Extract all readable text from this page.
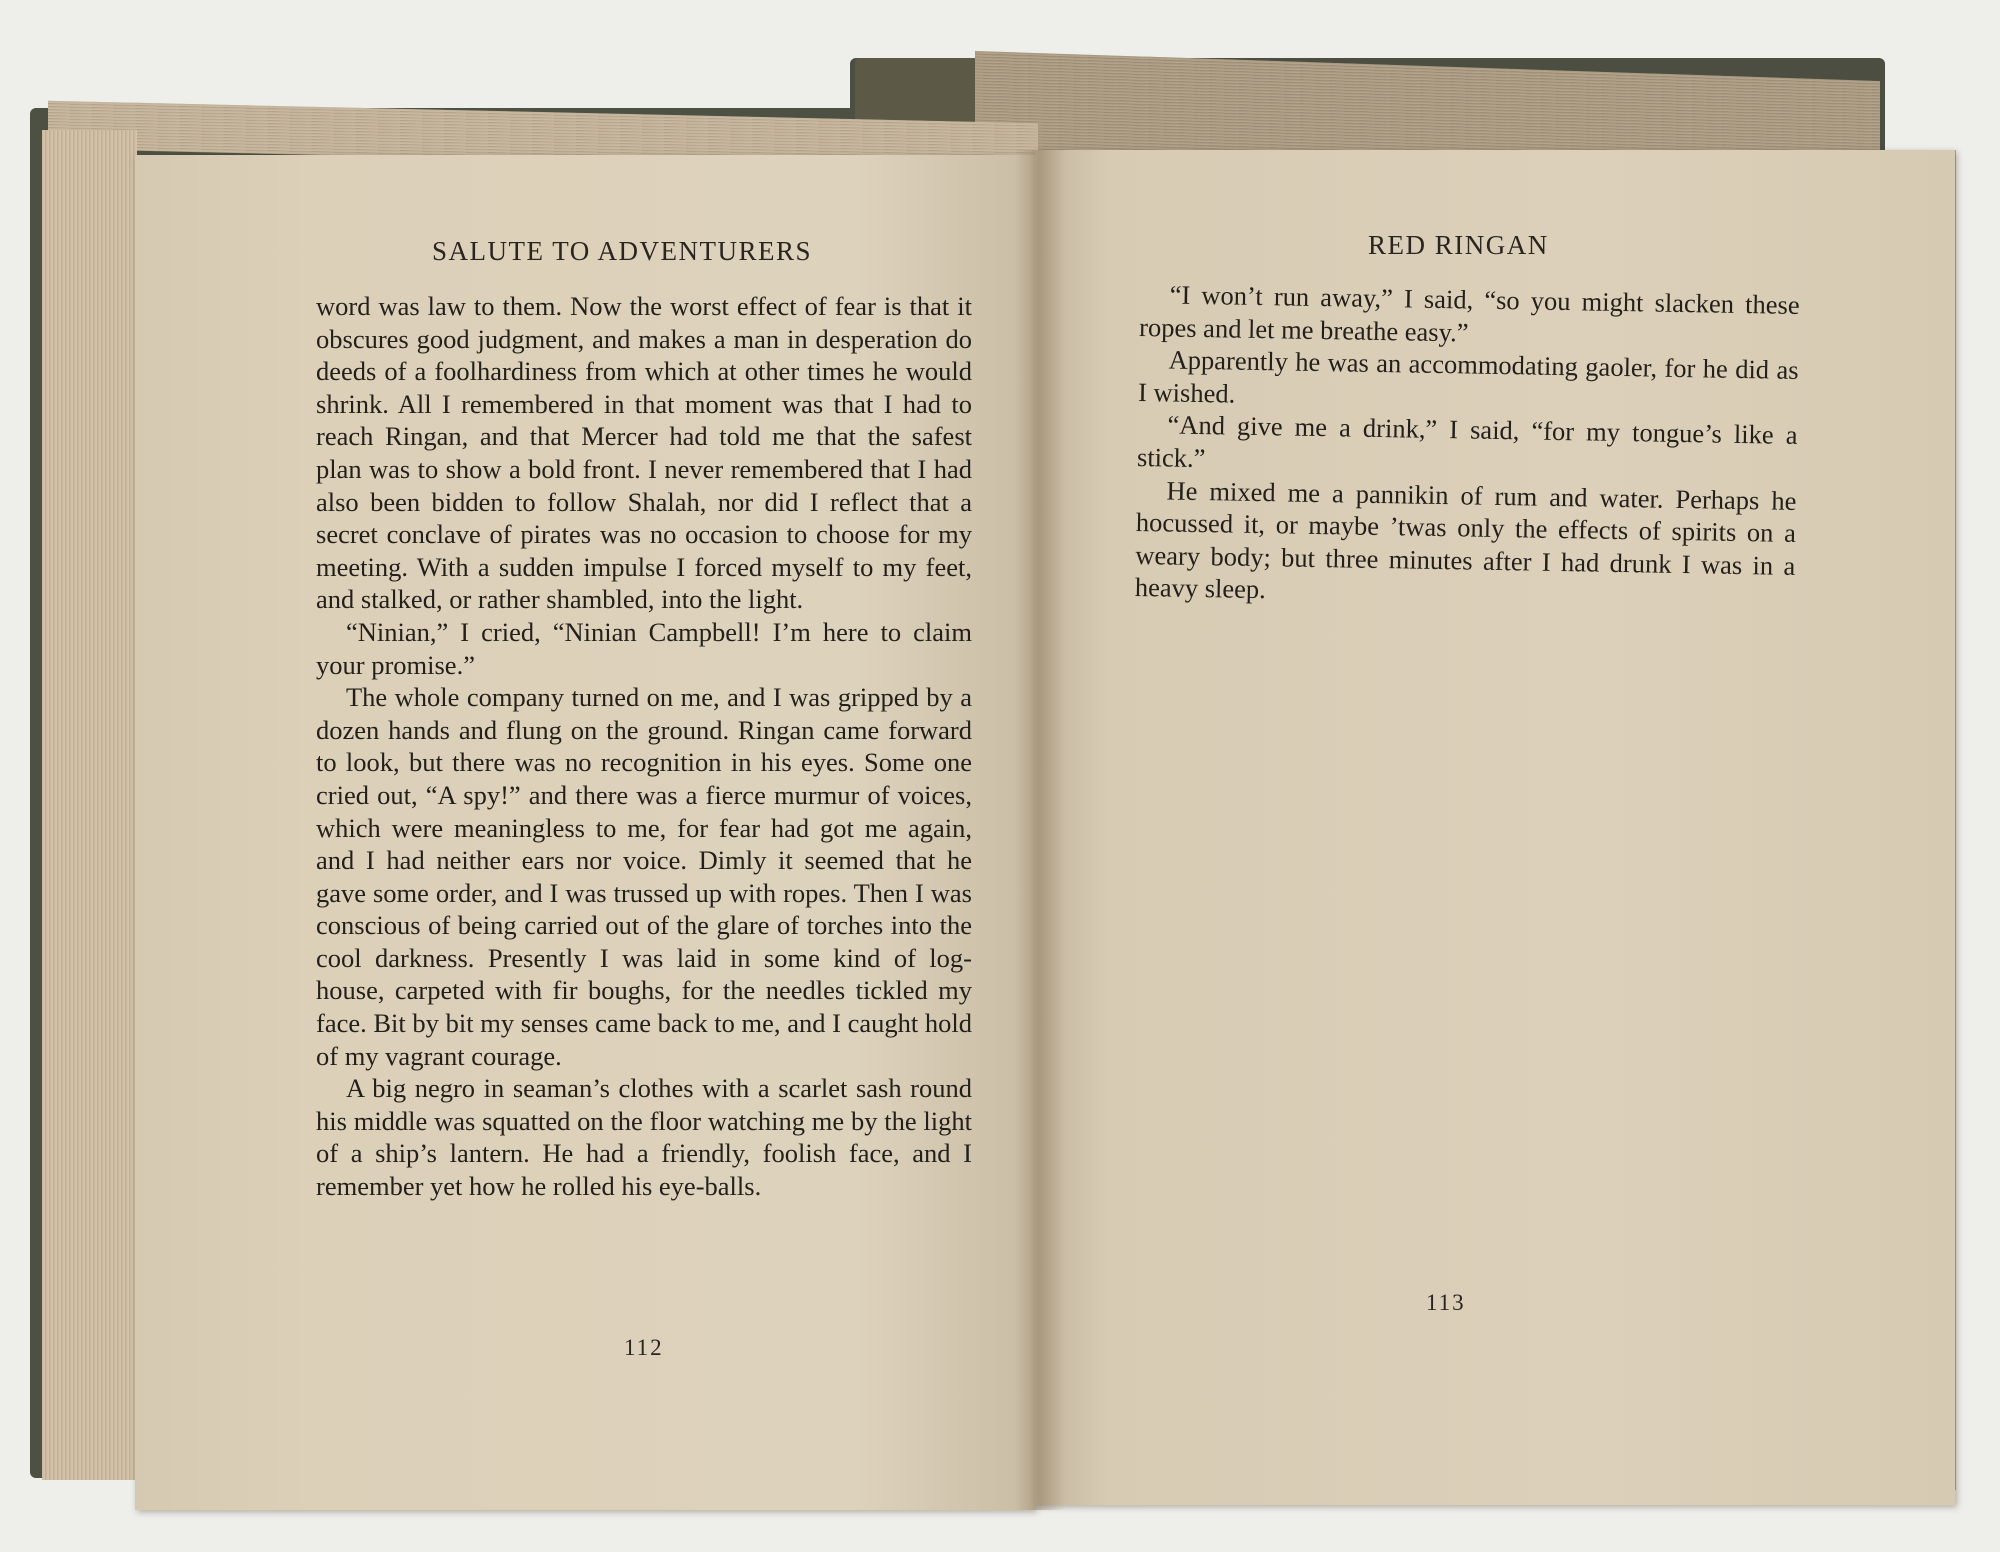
SALUTE TO ADVENTURERS

word was law to them. Now the worst effect of fear is that it obscures good judgment, and makes a man in desperation do deeds of a foolhardiness from which at other times he would shrink. All I remembered in that moment was that I had to reach Ringan, and that Mercer had told me that the safest plan was to show a bold front. I never remembered that I had also been bidden to follow Shalah, nor did I reflect that a secret conclave of pirates was no occasion to choose for my meeting. With a sudden impulse I forced myself to my feet, and stalked, or rather shambled, into the light.

“Ninian,” I cried, “Ninian Campbell! I’m here to claim your promise.”

The whole company turned on me, and I was gripped by a dozen hands and flung on the ground. Ringan came forward to look, but there was no recognition in his eyes. Some one cried out, “A spy!” and there was a fierce murmur of voices, which were meaningless to me, for fear had got me again, and I had neither ears nor voice. Dimly it seemed that he gave some order, and I was trussed up with ropes. Then I was conscious of being carried out of the glare of torches into the cool darkness. Presently I was laid in some kind of log-house, carpeted with fir boughs, for the needles tickled my face. Bit by bit my senses came back to me, and I caught hold of my vagrant courage.

A big negro in seaman’s clothes with a scarlet sash round his middle was squatted on the floor watching me by the light of a ship’s lantern. He had a friendly, foolish face, and I remember yet how he rolled his eye-balls.

112
RED RINGAN

“I won’t run away,” I said, “so you might slacken these ropes and let me breathe easy.”

Apparently he was an accommodating gaoler, for he did as I wished.

“And give me a drink,” I said, “for my tongue’s like a stick.”

He mixed me a pannikin of rum and water. Perhaps he hocussed it, or maybe ’twas only the effects of spirits on a weary body; but three minutes after I had drunk I was in a heavy sleep.

113
